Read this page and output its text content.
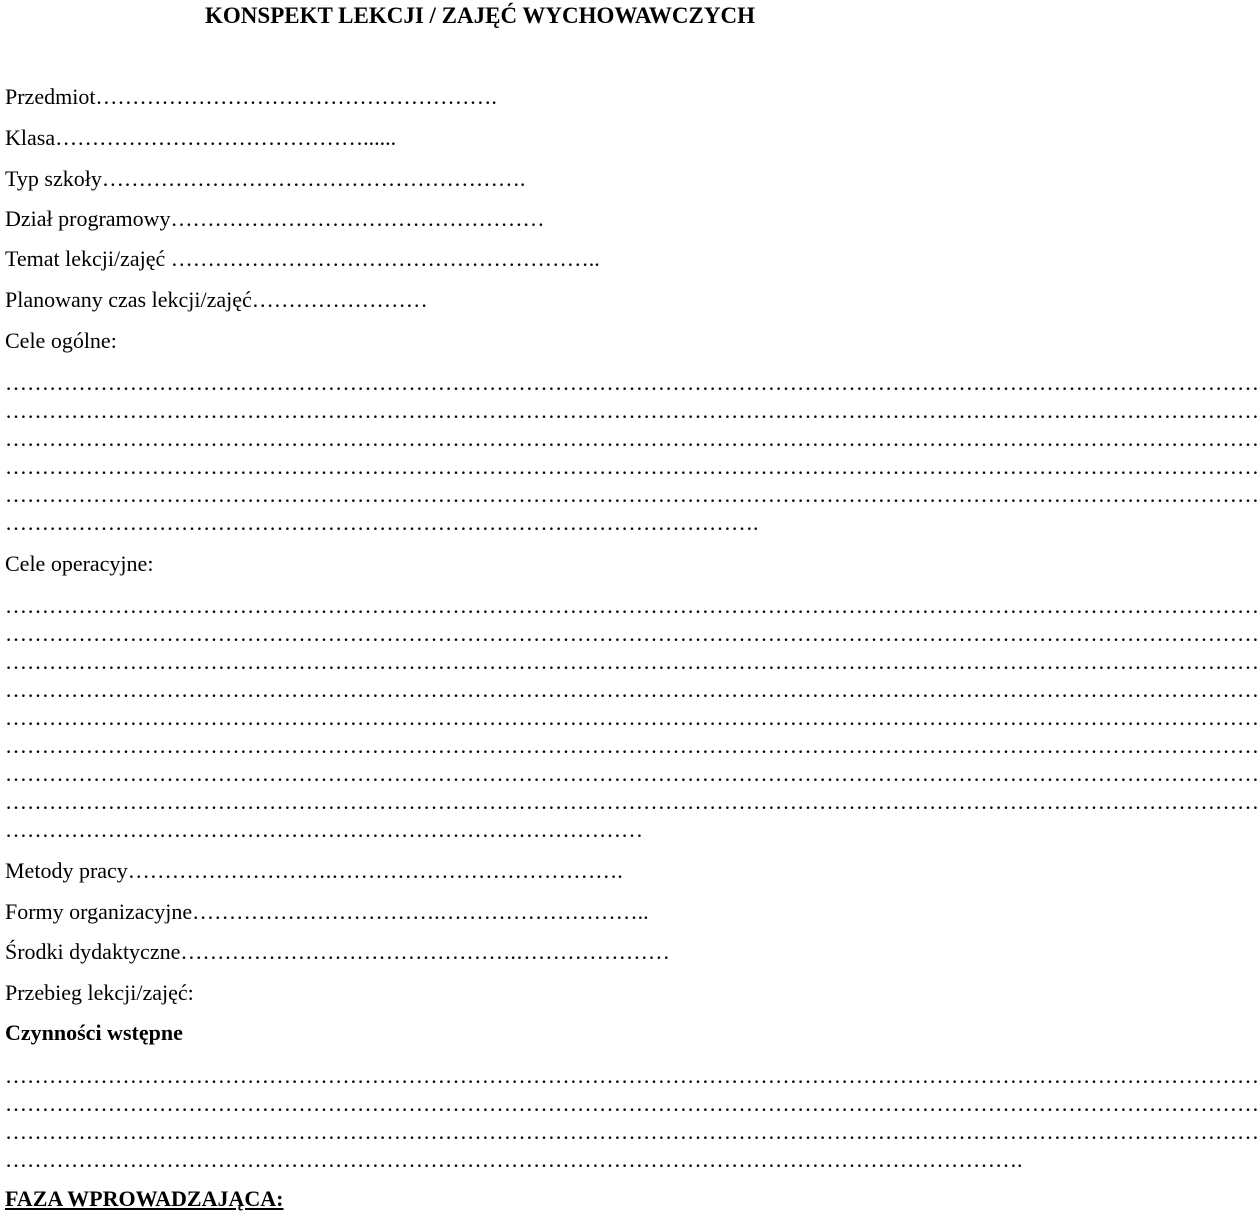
KONSPEKT LEKCJI / ZAJĘĆ WYCHOWAWCZYCH
Przedmiot……………………………………………….
Klasa……………………………………......
Typ szkoły………………………………………………….
Dział programowy……………………………………………
Temat lekcji/zajęć …………………………………………………..
Planowany czas lekcji/zajęć……………………
Cele ogólne:
………………………………………………………………………………………………………………………………………………………
………………………………………………………………………………………………………………………………………………………
………………………………………………………………………………………………………………………………………………………
………………………………………………………………………………………………………………………………………………………
………………………………………………………………………………………………………………………………………………………
………………………………………………………………………………………….
Cele operacyjne:
………………………………………………………………………………………………………………………………………………………
………………………………………………………………………………………………………………………………………………………
………………………………………………………………………………………………………………………………………………………
………………………………………………………………………………………………………………………………………………………
………………………………………………………………………………………………………………………………………………………
………………………………………………………………………………………………………………………………………………………
………………………………………………………………………………………………………………………………………………………
………………………………………………………………………………………………………………………………………………………
……………………………………………………………………………
Metody pracy……………………….………………………………….
Formy organizacyjne…………………………….………………………..
Środki dydaktyczne……………………………………….…………………
Przebieg lekcji/zajęć:
Czynności wstępne
………………………………………………………………………………………………………………………………………………………
………………………………………………………………………………………………………………………………………………………
………………………………………………………………………………………………………………………………………………………
………………………………………………………………………………………………………………………….
FAZA WPROWADZAJĄCA:
